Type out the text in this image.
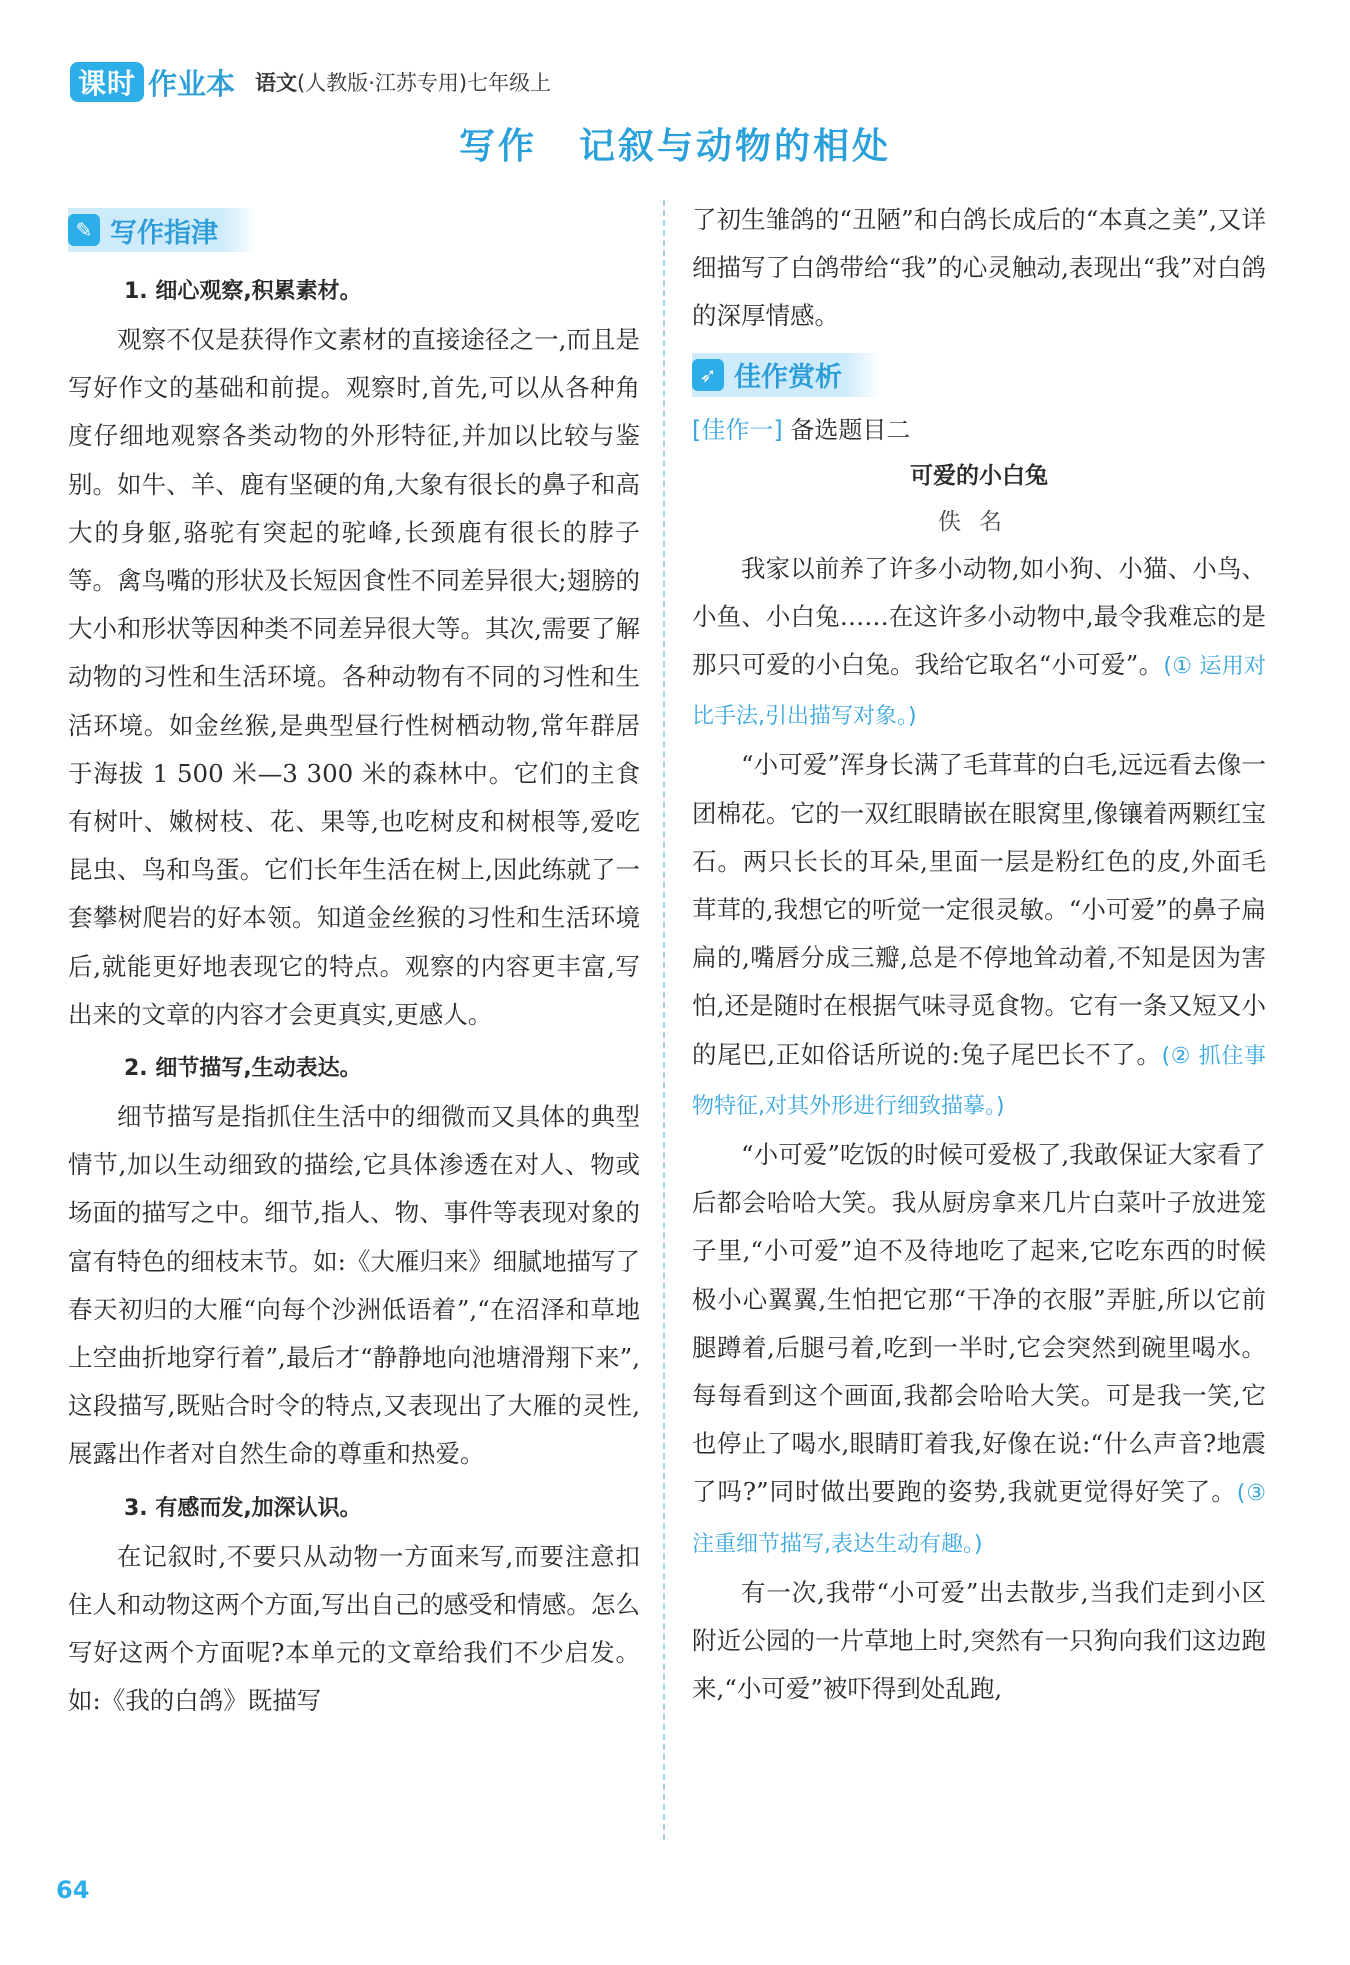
课时 作业本 语文(人教版·江苏专用)七年级上
写作 记叙与动物的相处
✎ 写作指津

1. 细心观察,积累素材。

观察不仅是获得作文素材的直接途径之一,而且是写好作文的基础和前提。观察时,首先,可以从各种角度仔细地观察各类动物的外形特征,并加以比较与鉴别。如牛、羊、鹿有坚硬的角,大象有很长的鼻子和高大的身躯,骆驼有突起的驼峰,长颈鹿有很长的脖子等。禽鸟嘴的形状及长短因食性不同差异很大;翅膀的大小和形状等因种类不同差异很大等。其次,需要了解动物的习性和生活环境。各种动物有不同的习性和生活环境。如金丝猴,是典型昼行性树栖动物,常年群居于海拔 1 500 米—3 300 米的森林中。它们的主食有树叶、嫩树枝、花、果等,也吃树皮和树根等,爱吃昆虫、鸟和鸟蛋。它们长年生活在树上,因此练就了一套攀树爬岩的好本领。知道金丝猴的习性和生活环境后,就能更好地表现它的特点。观察的内容更丰富,写出来的文章的内容才会更真实,更感人。

2. 细节描写,生动表达。

细节描写是指抓住生活中的细微而又具体的典型情节,加以生动细致的描绘,它具体渗透在对人、物或场面的描写之中。细节,指人、物、事件等表现对象的富有特色的细枝末节。如:《大雁归来》细腻地描写了春天初归的大雁“向每个沙洲低语着”,“在沼泽和草地上空曲折地穿行着”,最后才“静静地向池塘滑翔下来”,这段描写,既贴合时令的特点,又表现出了大雁的灵性,展露出作者对自然生命的尊重和热爱。

3. 有感而发,加深认识。

在记叙时,不要只从动物一方面来写,而要注意扣住人和动物这两个方面,写出自己的感受和情感。怎么写好这两个方面呢?本单元的文章给我们不少启发。如:《我的白鸽》既描写

了初生雏鸽的“丑陋”和白鸽长成后的“本真之美”,又详细描写了白鸽带给“我”的心灵触动,表现出“我”对白鸽的深厚情感。

➶ 佳作赏析

[佳作一] 备选题目二

可爱的小白兔

佚名

我家以前养了许多小动物,如小狗、小猫、小鸟、小鱼、小白兔……在这许多小动物中,最令我难忘的是那只可爱的小白兔。我给它取名“小可爱”。(① 运用对比手法,引出描写对象。)

“小可爱”浑身长满了毛茸茸的白毛,远远看去像一团棉花。它的一双红眼睛嵌在眼窝里,像镶着两颗红宝石。两只长长的耳朵,里面一层是粉红色的皮,外面毛茸茸的,我想它的听觉一定很灵敏。“小可爱”的鼻子扁扁的,嘴唇分成三瓣,总是不停地耸动着,不知是因为害怕,还是随时在根据气味寻觅食物。它有一条又短又小的尾巴,正如俗话所说的:兔子尾巴长不了。(② 抓住事物特征,对其外形进行细致描摹。)

“小可爱”吃饭的时候可爱极了,我敢保证大家看了后都会哈哈大笑。我从厨房拿来几片白菜叶子放进笼子里,“小可爱”迫不及待地吃了起来,它吃东西的时候极小心翼翼,生怕把它那“干净的衣服”弄脏,所以它前腿蹲着,后腿弓着,吃到一半时,它会突然到碗里喝水。每每看到这个画面,我都会哈哈大笑。可是我一笑,它也停止了喝水,眼睛盯着我,好像在说:“什么声音?地震了吗?”同时做出要跑的姿势,我就更觉得好笑了。(③ 注重细节描写,表达生动有趣。)

有一次,我带“小可爱”出去散步,当我们走到小区附近公园的一片草地上时,突然有一只狗向我们这边跑来,“小可爱”被吓得到处乱跑,

64
